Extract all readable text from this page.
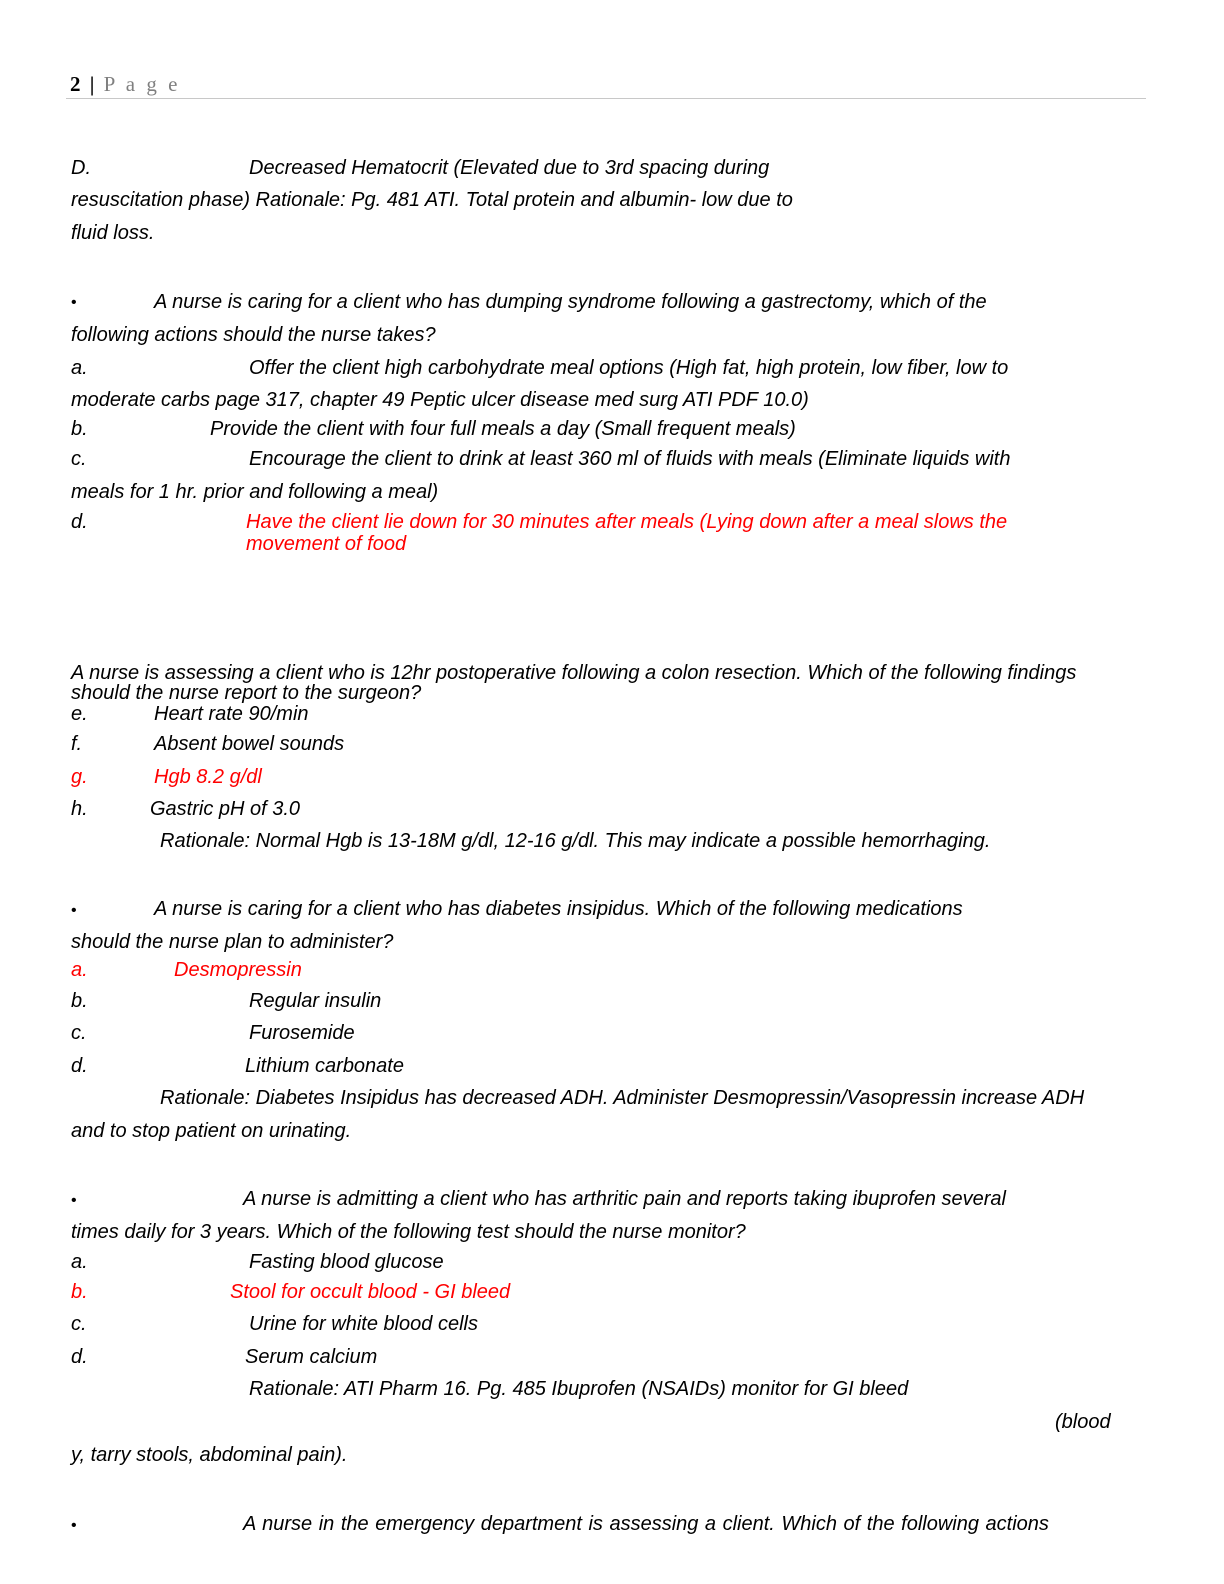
2 | P a g e
D.	Decreased Hematocrit (Elevated due to 3rd spacing during
resuscitation phase) Rationale: Pg. 481 ATI. Total protein and albumin- low due to
fluid loss.
•	A nurse is caring for a client who has dumping syndrome following a gastrectomy, which of the
following actions should the nurse takes?
a.	Offer the client high carbohydrate meal options (High fat, high protein, low fiber, low to
moderate carbs page 317, chapter 49 Peptic ulcer disease med surg ATI PDF 10.0)
b.	Provide the client with four full meals a day (Small frequent meals)
c.	Encourage the client to drink at least 360 ml of fluids with meals (Eliminate liquids with
meals for 1 hr. prior and following a meal)
d.	Have the client lie down for 30 minutes after meals (Lying down after a meal slows the
movement of food
A nurse is assessing a client who is 12hr postoperative following a colon resection. Which of the following findings
should the nurse report to the surgeon?
e.	Heart rate 90/min
f.	Absent bowel sounds
g.	Hgb 8.2 g/dl
h.	Gastric pH of 3.0
Rationale: Normal Hgb is 13-18M g/dl, 12-16 g/dl. This may indicate a possible hemorrhaging.
•	A nurse is caring for a client who has diabetes insipidus. Which of the following medications
should the nurse plan to administer?
a.	Desmopressin
b.	Regular insulin
c.	Furosemide
d.	Lithium carbonate
Rationale: Diabetes Insipidus has decreased ADH. Administer Desmopressin/Vasopressin increase ADH
and to stop patient on urinating.
•	A nurse is admitting a client who has arthritic pain and reports taking ibuprofen several
times daily for 3 years. Which of the following test should the nurse monitor?
a.	Fasting blood glucose
b.	Stool for occult blood - GI bleed
c.	Urine for white blood cells
d.	Serum calcium
Rationale: ATI Pharm 16. Pg. 485 Ibuprofen (NSAIDs) monitor for GI bleed
(blood
y, tarry stools, abdominal pain).
•	A nurse in the emergency department is assessing a client. Which of the following actions
